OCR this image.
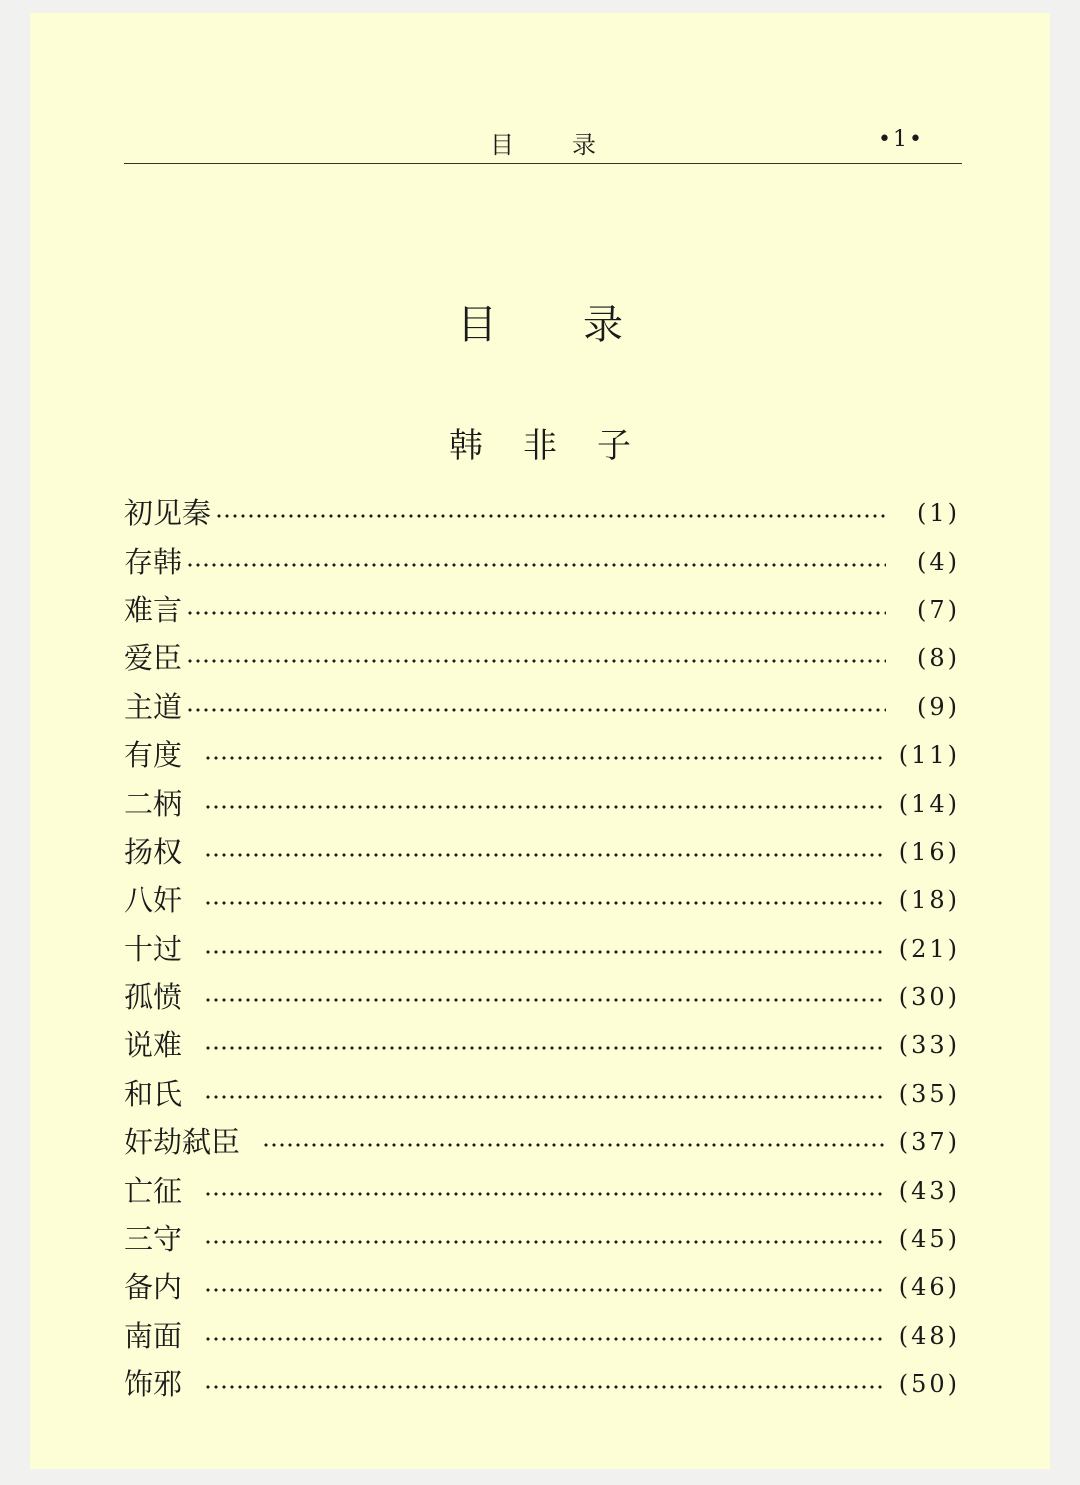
目录	•1•
目录
韩非子
初见秦	(1)
存韩	(4)
难言	(7)
爱臣	(8)
主道	(9)
有度	(11)
二柄	(14)
扬权	(16)
八奸	(18)
十过	(21)
孤愤	(30)
说难	(33)
和氏	(35)
奸劫弑臣	(37)
亡征	(43)
三守	(45)
备内	(46)
南面	(48)
饰邪	(50)
